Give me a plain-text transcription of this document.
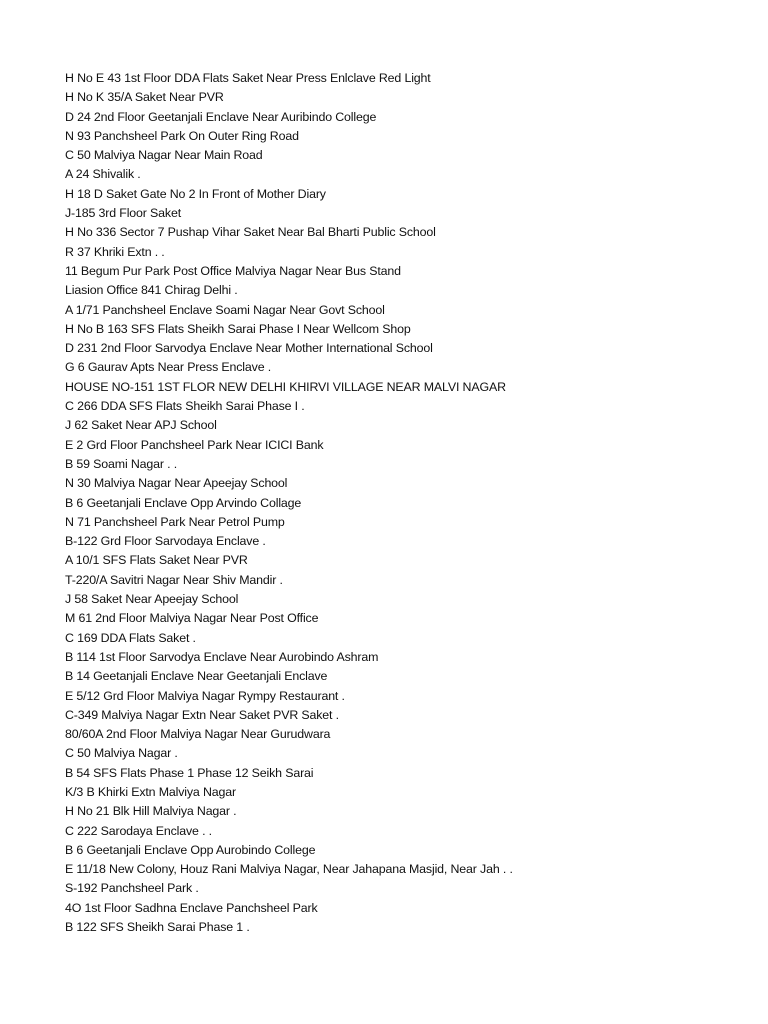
H No E 43 1st Floor DDA Flats Saket Near Press Enlclave Red Light
H No K 35/A Saket Near PVR
D 24 2nd Floor Geetanjali Enclave Near Auribindo College
N 93 Panchsheel Park On Outer Ring Road
C 50 Malviya Nagar Near Main Road
A 24 Shivalik .
H 18 D Saket Gate No 2 In Front of Mother Diary
J-185 3rd Floor Saket
H No 336 Sector 7 Pushap Vihar Saket Near Bal Bharti Public School
R 37 Khriki Extn . .
11 Begum Pur Park Post Office Malviya Nagar Near Bus Stand
Liasion Office 841 Chirag Delhi .
A 1/71 Panchsheel Enclave Soami Nagar Near Govt School
H No B 163 SFS Flats Sheikh Sarai Phase I Near Wellcom Shop
D 231 2nd Floor Sarvodya Enclave Near Mother International School
G 6 Gaurav Apts Near Press Enclave .
HOUSE NO-151 1ST FLOR NEW DELHI KHIRVI VILLAGE NEAR MALVI NAGAR
C 266 DDA SFS Flats Sheikh Sarai Phase I .
J 62 Saket Near APJ School
E 2 Grd Floor Panchsheel Park Near ICICI Bank
B 59 Soami Nagar . .
N 30 Malviya Nagar Near Apeejay School
B 6 Geetanjali Enclave Opp Arvindo Collage
N 71 Panchsheel Park Near Petrol Pump
B-122 Grd Floor Sarvodaya Enclave .
A 10/1 SFS Flats Saket Near PVR
T-220/A Savitri Nagar Near Shiv Mandir .
J 58 Saket Near Apeejay School
M 61 2nd Floor Malviya Nagar Near Post Office
C 169 DDA Flats Saket .
B 114 1st Floor Sarvodya Enclave Near Aurobindo Ashram
B 14 Geetanjali Enclave Near Geetanjali Enclave
E 5/12 Grd Floor Malviya Nagar Rympy Restaurant .
C-349 Malviya Nagar Extn Near Saket PVR Saket .
80/60A 2nd Floor Malviya Nagar Near Gurudwara
C 50 Malviya Nagar .
B 54 SFS Flats Phase 1 Phase 12 Seikh Sarai
K/3 B Khirki Extn Malviya Nagar
H No 21 Blk Hill Malviya Nagar .
C 222 Sarodaya Enclave . .
B 6 Geetanjali Enclave Opp Aurobindo College
E 11/18 New Colony, Houz Rani Malviya Nagar, Near Jahapana Masjid, Near Jah . .
S-192 Panchsheel Park .
4O 1st Floor Sadhna Enclave Panchsheel Park
B 122 SFS Sheikh Sarai Phase 1 .
